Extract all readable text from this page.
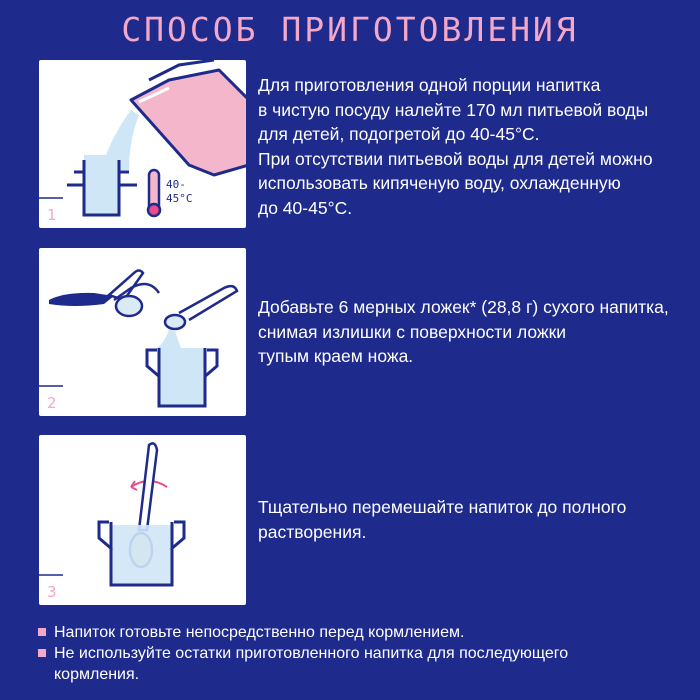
СПОСОБ ПРИГОТОВЛЕНИЯ
40-
45°C
1
Для приготовления одной порции напитка
в чистую посуду налейте 170 мл питьевой воды
для детей, подогретой до 40-45°С.
При отсутствии питьевой воды для детей можно
использовать кипяченую воду, охлажденную
до 40-45°С.
2
Добавьте 6 мерных ложек* (28,8 г) сухого напитка,
снимая излишки с поверхности ложки
тупым краем ножа.
3
Тщательно перемешайте напиток до полного
растворения.
Напиток готовьте непосредственно перед кормлением.
Не используйте остатки приготовленного напитка для последующего
кормления.
